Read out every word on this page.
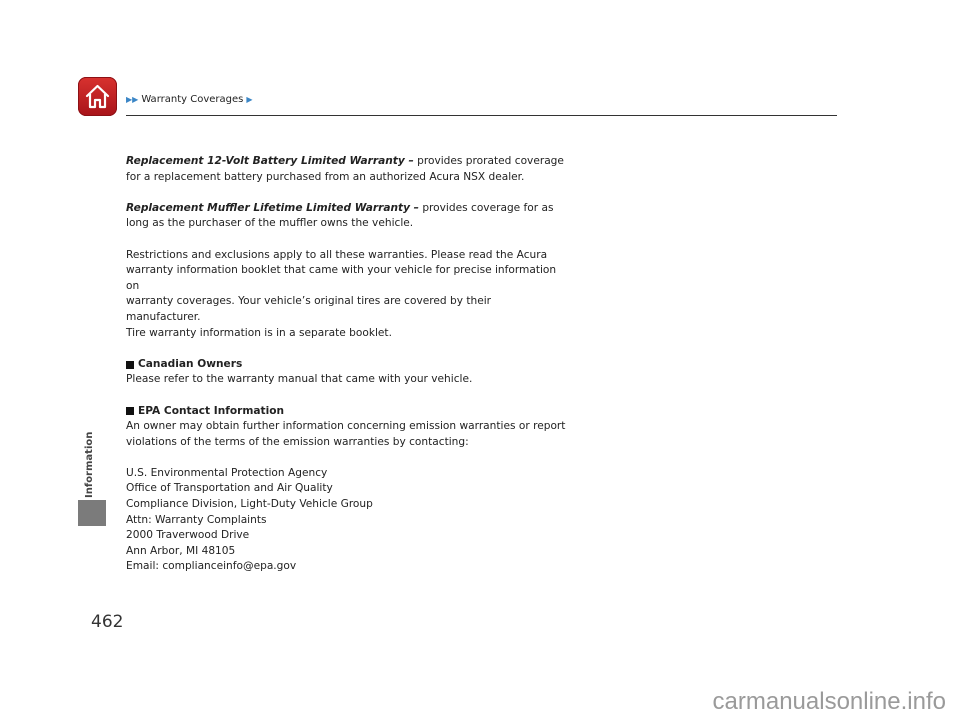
▶▶ Warranty Coverages ▶

Replacement 12-Volt Battery Limited Warranty – provides prorated coverage
for a replacement battery purchased from an authorized Acura NSX dealer.

Replacement Muffler Lifetime Limited Warranty – provides coverage for as
long as the purchaser of the muffler owns the vehicle.

Restrictions and exclusions apply to all these warranties. Please read the Acura
warranty information booklet that came with your vehicle for precise information on
warranty coverages. Your vehicle’s original tires are covered by their manufacturer.
Tire warranty information is in a separate booklet.

Canadian Owners

Please refer to the warranty manual that came with your vehicle.

EPA Contact Information

An owner may obtain further information concerning emission warranties or report
violations of the terms of the emission warranties by contacting:

U.S. Environmental Protection Agency
Office of Transportation and Air Quality
Compliance Division, Light-Duty Vehicle Group
Attn: Warranty Complaints
2000 Traverwood Drive
Ann Arbor, MI 48105
Email: complianceinfo@epa.gov

Information
462
carmanualsonline.info
